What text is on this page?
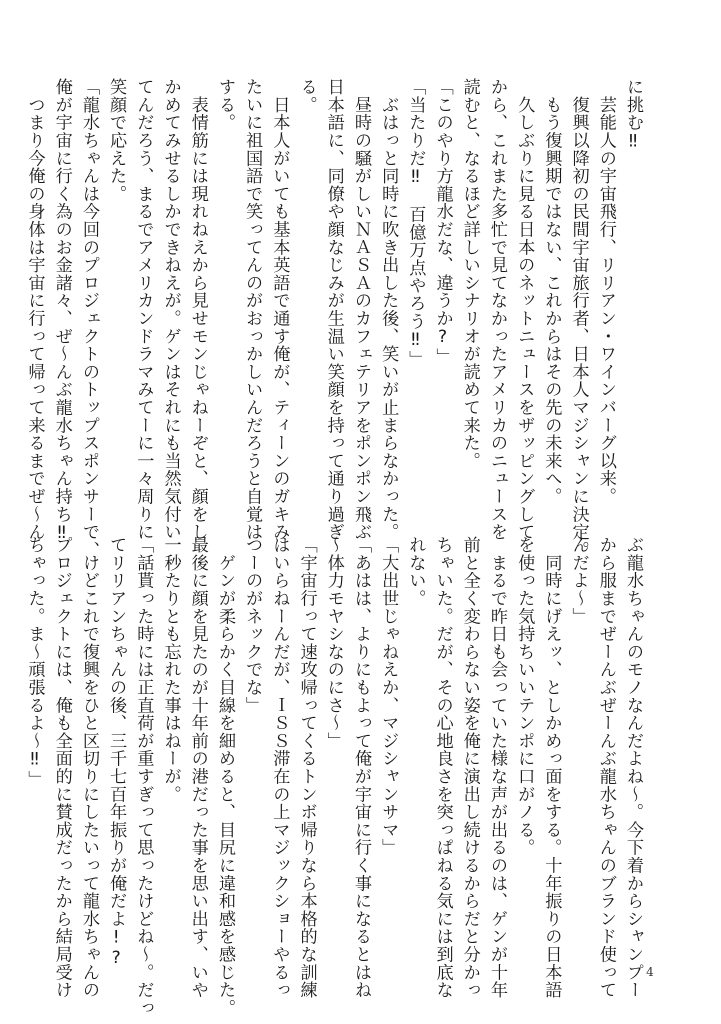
に挑む‼
　芸能人の宇宙飛行、リリアン・ワインバーグ以来。
　復興以降初の民間宇宙旅行者、日本人マジシャンに決定。
　もう復興期ではない、これからはその先の未来へ。
　久しぶりに見る日本のネットニュースをザッピングして
から、これまた多忙で見てなかったアメリカのニュースを
読むと、なるほど詳しいシナリオが読めて来た。
「このやり方龍水だな、違うか?」
「当たりだ‼　百億万点やろう‼」
　ぶはっと同時に吹き出した後、笑いが止まらなかった。
　昼時の騒がしいＮＡＳＡのカフェテリアをポンポン飛ぶ
日本語に、同僚や顔なじみが生温い笑顔を持って通り過ぎ
る。
　日本人がいても基本英語で通す俺が、ティーンのガキみ
たいに祖国語で笑ってんのがおっかしいんだろうと自覚は
する。
　表情筋には現れねえから見せモンじゃねーぞと、顔をし
かめてみせるしかできねえが。ゲンはそれにも当然気付い
てんだろう、まるでアメリカンドラマみてーに一々周りに
笑顔で応えた。
「龍水ちゃんは今回のプロジェクトのトップスポンサーで、
俺が宇宙に行く為のお金諸々、ぜ〜んぶ龍水ちゃん持ち‼
　つまり今俺の身体は宇宙に行って帰って来るまでぜ〜ん
ぶ龍水ちゃんのモノなんだよね〜。今下着からシャンプー
から服までぜーんぶぜーんぶ龍水ちゃんのブランド使って
んだよ〜」
　同時にげえッ、としかめっ面をする。十年振りの日本語
を使った気持ちいいテンポに口がノる。
　まるで昨日も会っていた様な声が出るのは、ゲンが十年
前と全く変わらない姿を俺に演出し続けるからだと分かっ
ちゃいた。だが、その心地良さを突っぱねる気には到底な
れない。
「大出世じゃねえか、マジシャンサマ」
「あはは、よりにもよって俺が宇宙に行く事になるとはね
〜体力モヤシなのにさ〜」
「宇宙行って速攻帰ってくるトンボ帰りなら本格的な訓練
はいらねーんだが、ＩＳＳ滞在の上マジックショーやるっ
つーのがネックでな」
　ゲンが柔らかく目線を細めると、目尻に違和感を感じた。
最後に顔を見たのが十年前の港だった事を思い出す、いや
一秒たりとも忘れた事はねーが。
「話貰った時には正直荷が重すぎって思ったけどね〜。だっ
てリリアンちゃんの後、三千七百年振りが俺だよ!?
　けどこれで復興をひと区切りにしたいって龍水ちゃんの
プロジェクトには、俺も全面的に賛成だったから結局受け
ちゃった。ま〜頑張るよ〜‼」
4
